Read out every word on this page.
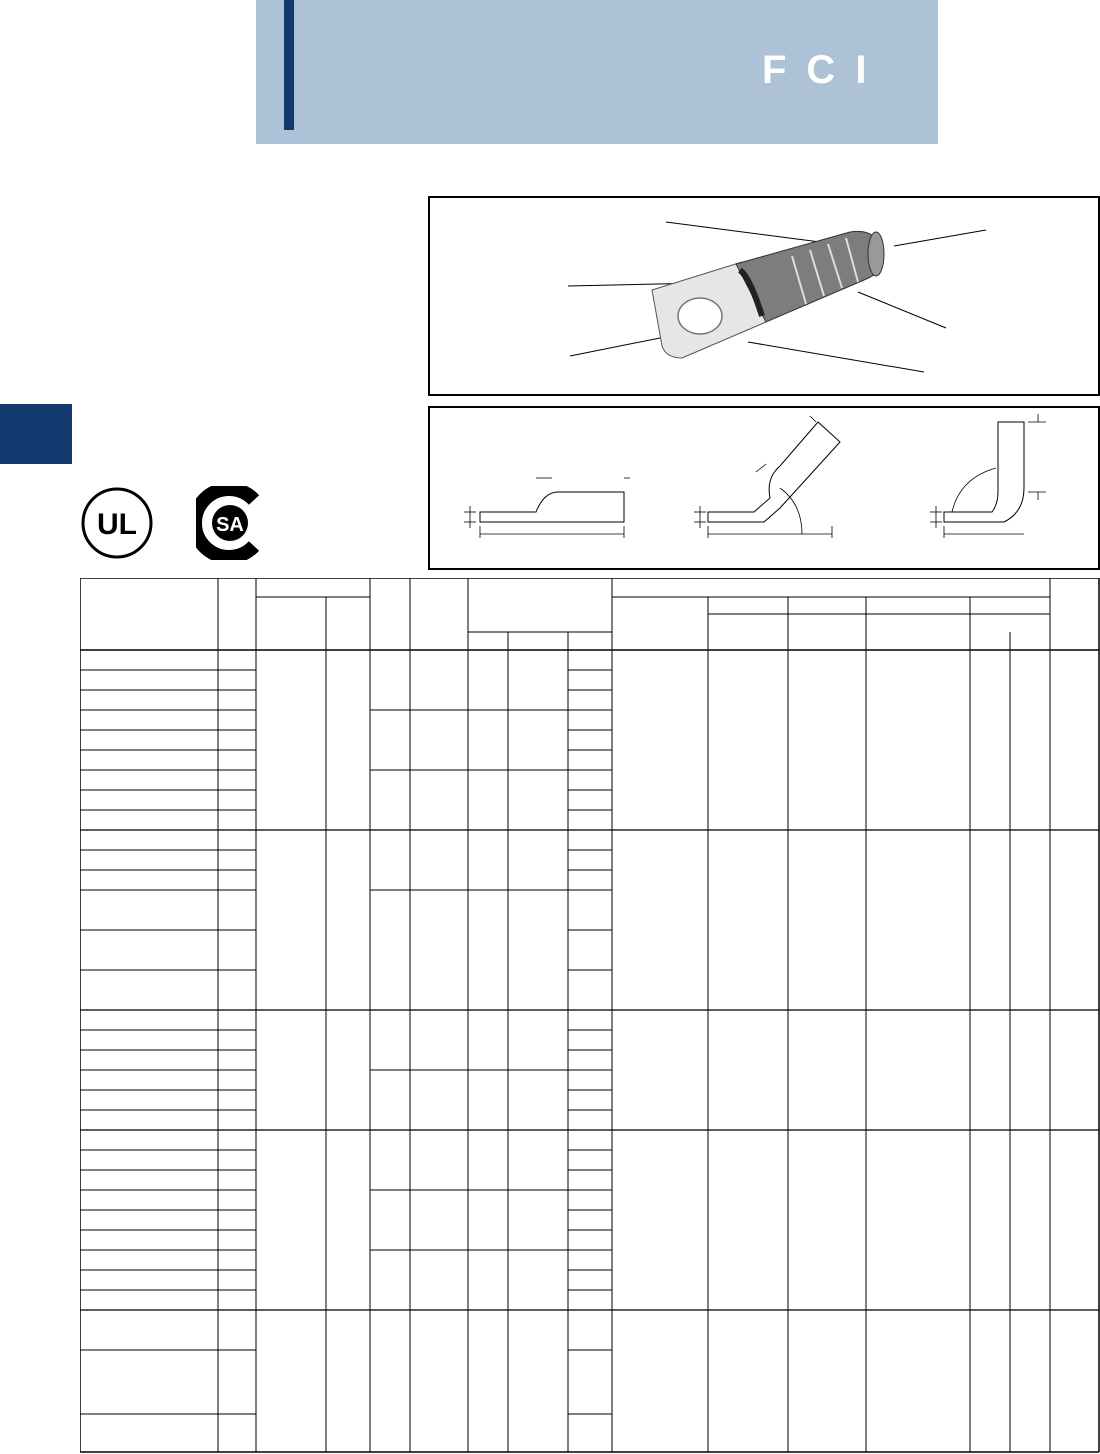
FCI
UL	SA
